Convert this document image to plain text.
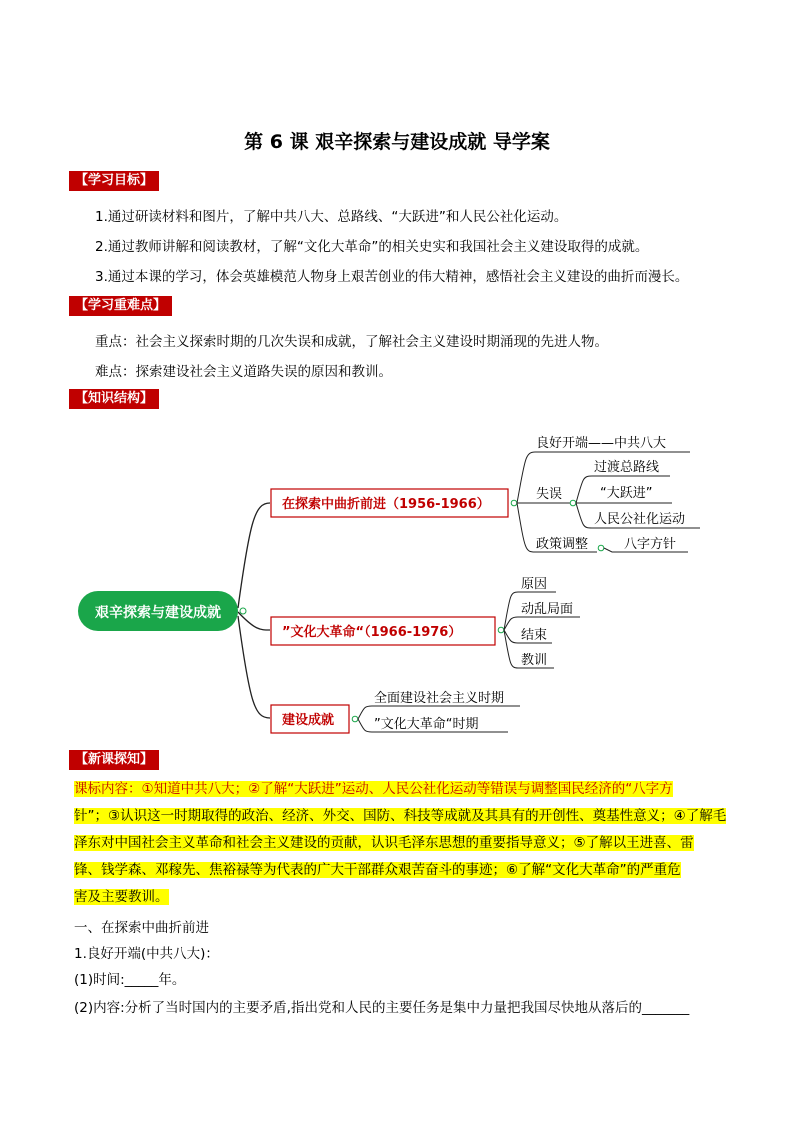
第 6 课 艰辛探索与建设成就 导学案
【学习目标】
1.通过研读材料和图片，了解中共八大、总路线、“大跃进”和人民公社化运动。
2.通过教师讲解和阅读教材，了解“文化大革命”的相关史实和我国社会主义建设取得的成就。
3.通过本课的学习，体会英雄模范人物身上艰苦创业的伟大精神，感悟社会主义建设的曲折而漫长。
【学习重难点】
重点：社会主义探索时期的几次失误和成就，了解社会主义建设时期涌现的先进人物。
难点：探索建设社会主义道路失误的原因和教训。
【知识结构】
艰辛探索与建设成就
在探索中曲折前进（1956-1966）
良好开端——中共八大
失误
过渡总路线
“大跃进”
人民公社化运动
政策调整	八字方针
”文化大革命“（1966-1976）
原因
动乱局面
结束
教训
建设成就
全面建设社会主义时期
”文化大革命“时期
【新课探知】
课标内容：①知道中共八大；②了解“大跃进”运动、人民公社化运动等错误与调整国民经济的“八字方
针”；③认识这一时期取得的政治、经济、外交、国防、科技等成就及其具有的开创性、奠基性意义；④了解毛
泽东对中国社会主义革命和社会主义建设的贡献，认识毛泽东思想的重要指导意义；⑤了解以王进喜、雷
锋、钱学森、邓稼先、焦裕禄等为代表的广大干部群众艰苦奋斗的事迹；⑥了解“文化大革命”的严重危
害及主要教训。
一、在探索中曲折前进
1.良好开端(中共八大)：
(1)时间:_____年。
(2)内容:分析了当时国内的主要矛盾,指出党和人民的主要任务是集中力量把我国尽快地从落后的_______
